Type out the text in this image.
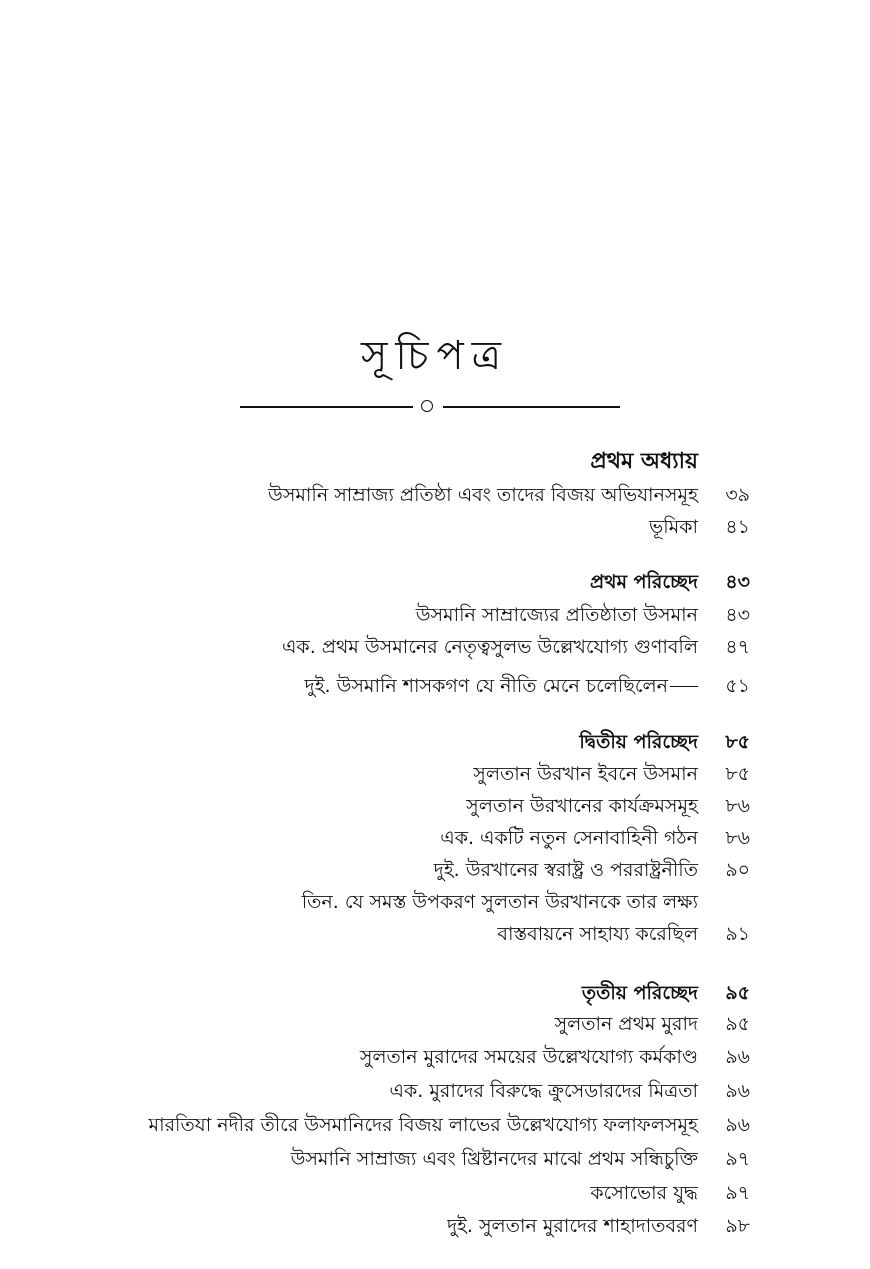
সূচিপত্র
প্রথম অধ্যায়
উসমানি সাম্রাজ্য প্রতিষ্ঠা এবং তাদের বিজয় অভিযানসমূহ	৩৯
ভূমিকা	৪১
প্রথম পরিচ্ছেদ	৪৩
উসমানি সাম্রাজ্যের প্রতিষ্ঠাতা উসমান	৪৩
এক. প্রথম উসমানের নেতৃত্বসুলভ উল্লেখযোগ্য গুণাবলি	৪৭
দুই. উসমানি শাসকগণ যে নীতি মেনে চলেছিলেন	৫১
দ্বিতীয় পরিচ্ছেদ	৮৫
সুলতান উরখান ইবনে উসমান	৮৫
সুলতান উরখানের কার্যক্রমসমূহ	৮৬
এক. একটি নতুন সেনাবাহিনী গঠন	৮৬
দুই. উরখানের স্বরাষ্ট্র ও পররাষ্ট্রনীতি	৯০
তিন. যে সমস্ত উপকরণ সুলতান উরখানকে তার লক্ষ্য
বাস্তবায়নে সাহায্য করেছিল	৯১
তৃতীয় পরিচ্ছেদ	৯৫
সুলতান প্রথম মুরাদ	৯৫
সুলতান মুরাদের সময়ের উল্লেখযোগ্য কর্মকাণ্ড	৯৬
এক. মুরাদের বিরুদ্ধে ক্রুসেডারদের মিত্রতা	৯৬
মারতিযা নদীর তীরে উসমানিদের বিজয় লাভের উল্লেখযোগ্য ফলাফলসমূহ	৯৬
উসমানি সাম্রাজ্য এবং খ্রিষ্টানদের মাঝে প্রথম সন্ধিচুক্তি	৯৭
কসোভোর যুদ্ধ	৯৭
দুই. সুলতান মুরাদের শাহাদাতবরণ	৯৮
